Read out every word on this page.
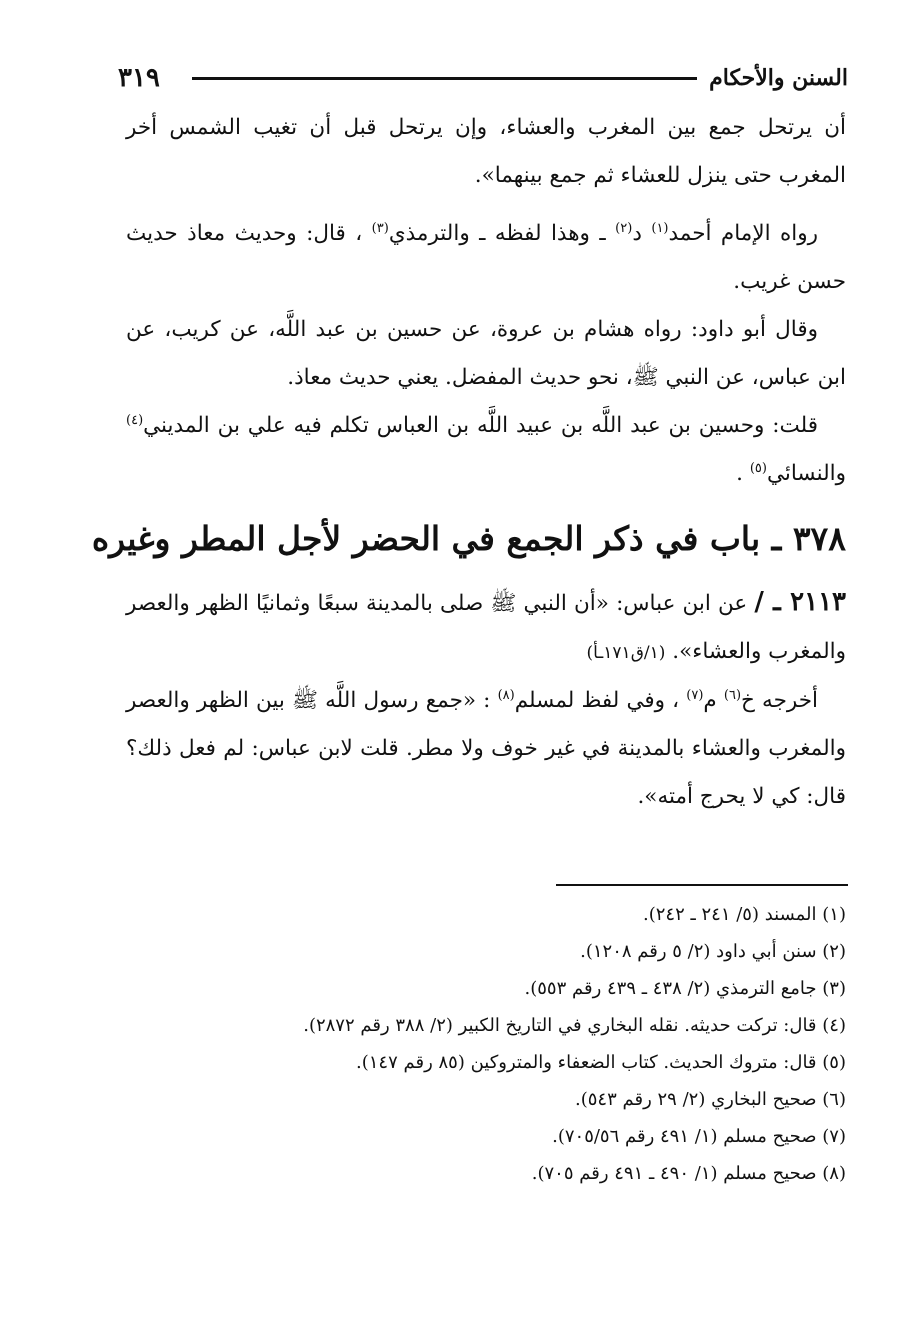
٣١٩	السنن والأحكام

أن يرتحل جمع بين المغرب والعشاء، وإن يرتحل قبل أن تغيب الشمس أخر المغرب حتى ينزل للعشاء ثم جمع بينهما».

رواه الإمام أحمد$^{(١)}$ د$^{(٢)}$ ـ وهذا لفظه ـ والترمذي$^{(٣)}$ ، قال: وحديث معاذ حديث حسن غريب.

وقال أبو داود: رواه هشام بن عروة، عن حسين بن عبد اللَّه، عن كريب، عن ابن عباس، عن النبي ﷺ، نحو حديث المفضل. يعني حديث معاذ.

قلت: وحسين بن عبد اللَّه بن عبيد اللَّه بن العباس تكلم فيه علي بن المديني$^{(٤)}$ والنسائي$^{(٥)}$ .

٣٧٨ ـ باب في ذكر الجمع في الحضر لأجل المطر وغيره

٢١١٣ ـ / عن ابن عباس: «أن النبي ﷺ صلى بالمدينة سبعًا وثمانيًا الظهر والعصر والمغرب والعشاء». (١/ق١٧١ـأ)

أخرجه خ$^{(٦)}$ م$^{(٧)}$ ، وفي لفظ لمسلم$^{(٨)}$ : «جمع رسول اللَّه ﷺ بين الظهر والعصر والمغرب والعشاء بالمدينة في غير خوف ولا مطر. قلت لابن عباس: لم فعل ذلك؟ قال: كي لا يحرج أمته».

(١) المسند (٥/ ٢٤١ ـ ٢٤٢).
(٢) سنن أبي داود (٢/ ٥ رقم ١٢٠٨).
(٣) جامع الترمذي (٢/ ٤٣٨ ـ ٤٣٩ رقم ٥٥٣).
(٤) قال: تركت حديثه. نقله البخاري في التاريخ الكبير (٢/ ٣٨٨ رقم ٢٨٧٢).
(٥) قال: متروك الحديث. كتاب الضعفاء والمتروكين (٨٥ رقم ١٤٧).
(٦) صحيح البخاري (٢/ ٢٩ رقم ٥٤٣).
(٧) صحيح مسلم (١/ ٤٩١ رقم ٧٠٥/٥٦).
(٨) صحيح مسلم (١/ ٤٩٠ ـ ٤٩١ رقم ٧٠٥).
